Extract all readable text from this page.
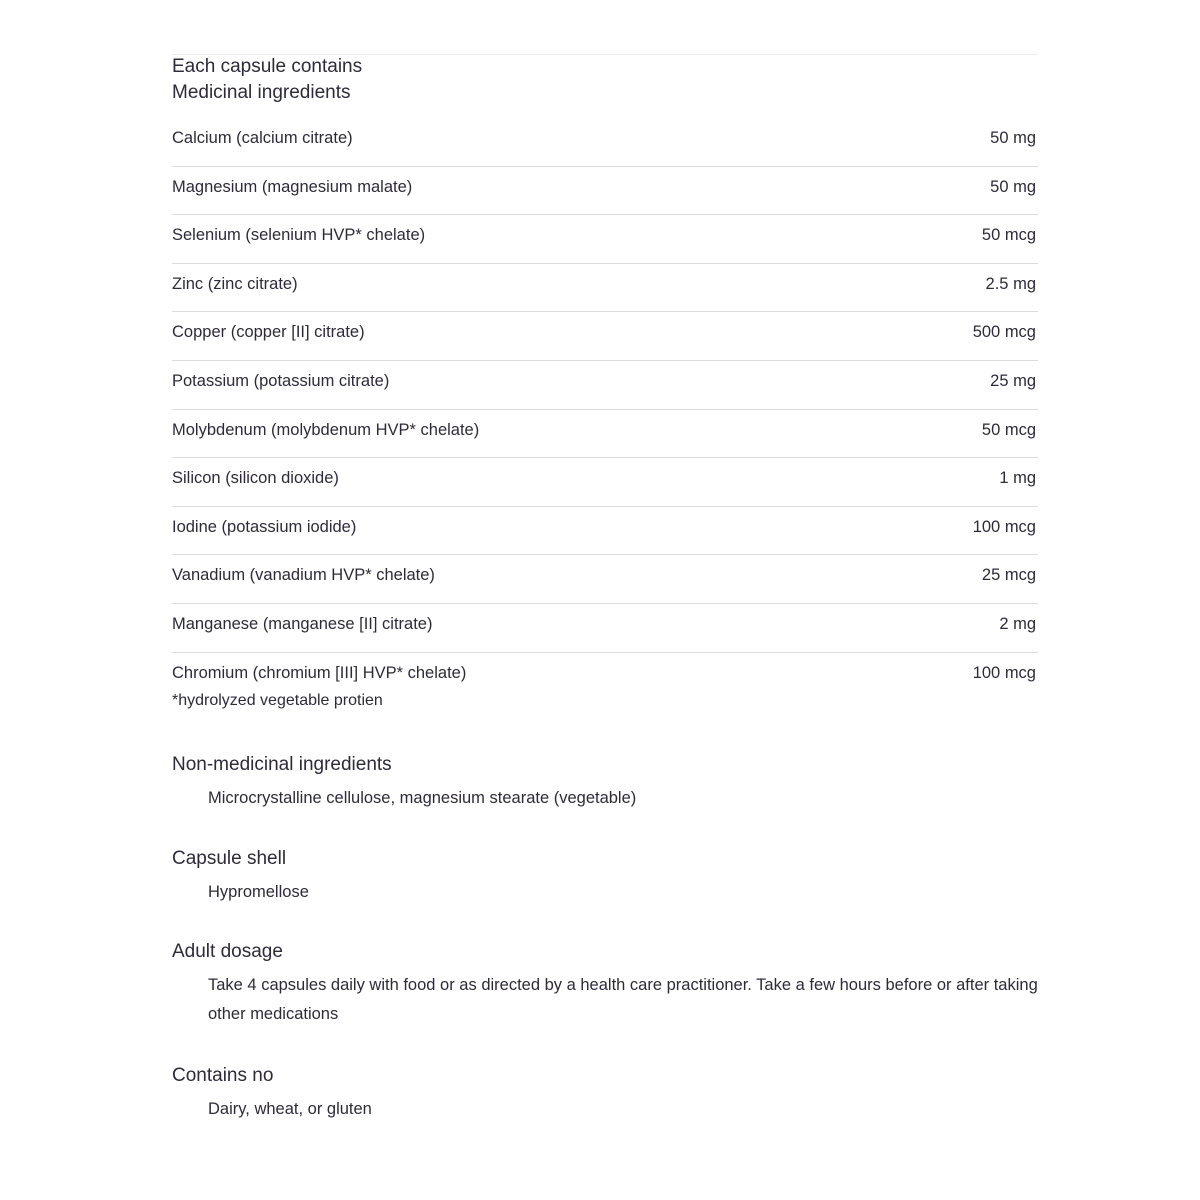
Each capsule contains

Medicinal ingredients

Calcium (calcium citrate)	50 mg
Magnesium (magnesium malate)	50 mg
Selenium (selenium HVP* chelate)	50 mcg
Zinc (zinc citrate)	2.5 mg
Copper (copper [II] citrate)	500 mcg
Potassium (potassium citrate)	25 mg
Molybdenum (molybdenum HVP* chelate)	50 mcg
Silicon (silicon dioxide)	1 mg
Iodine (potassium iodide)	100 mcg
Vanadium (vanadium HVP* chelate)	25 mcg
Manganese (manganese [II] citrate)	2 mg
Chromium (chromium [III] HVP* chelate)	100 mcg
*hydrolyzed vegetable protien

Non-medicinal ingredients

Microcrystalline cellulose, magnesium stearate (vegetable)

Capsule shell

Hypromellose

Adult dosage

Take 4 capsules daily with food or as directed by a health care practitioner. Take a few hours before or after taking other medications

Contains no

Dairy, wheat, or gluten
